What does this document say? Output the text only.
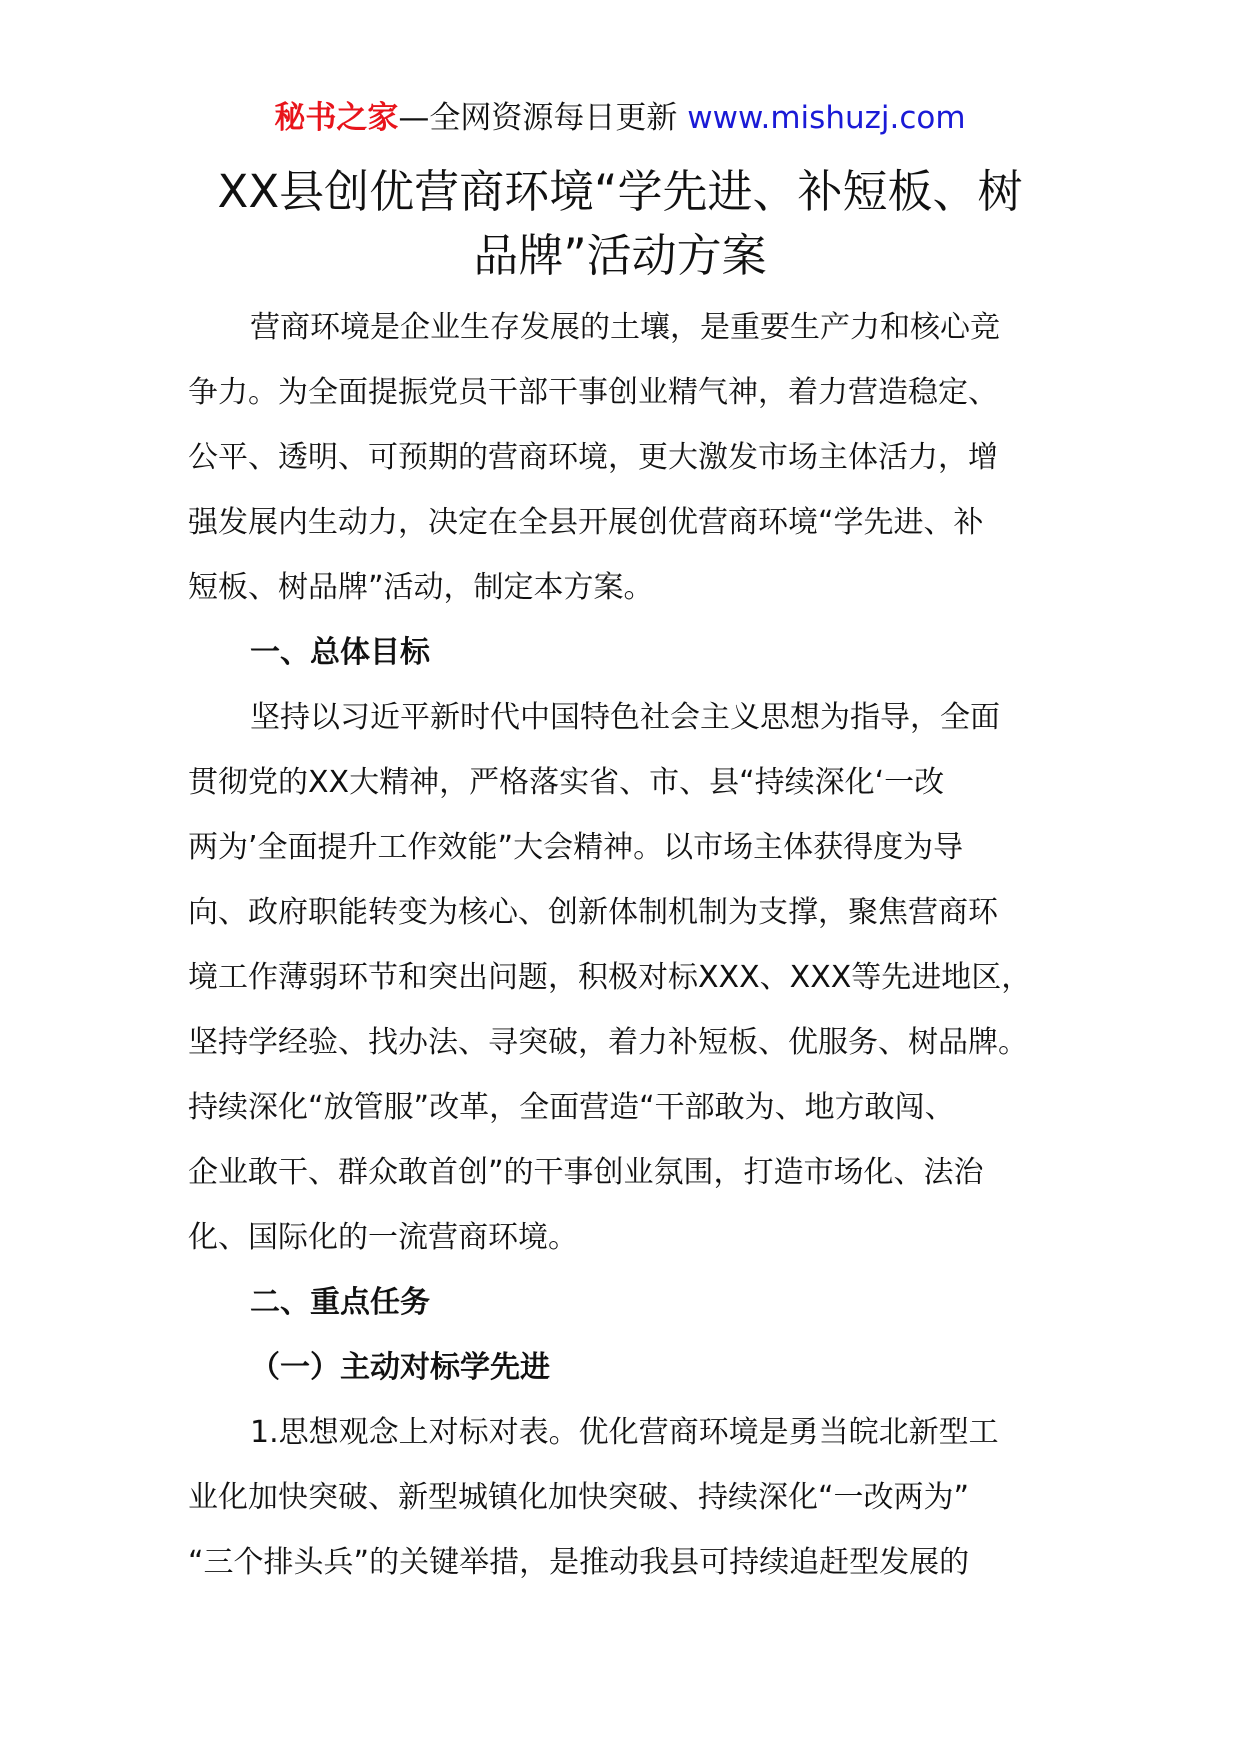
秘书之家—全网资源每日更新 www.mishuzj.com
XX县创优营商环境“学先进、补短板、树
品牌”活动方案
营商环境是企业生存发展的土壤，是重要生产力和核心竞
争力。为全面提振党员干部干事创业精气神，着力营造稳定、
公平、透明、可预期的营商环境，更大激发市场主体活力，增
强发展内生动力，决定在全县开展创优营商环境“学先进、补
短板、树品牌”活动，制定本方案。
一、总体目标
坚持以习近平新时代中国特色社会主义思想为指导，全面
贯彻党的XX大精神，严格落实省、市、县“持续深化‘一改
两为’全面提升工作效能”大会精神。以市场主体获得度为导
向、政府职能转变为核心、创新体制机制为支撑，聚焦营商环
境工作薄弱环节和突出问题，积极对标XXX、XXX等先进地区，
坚持学经验、找办法、寻突破，着力补短板、优服务、树品牌。
持续深化“放管服”改革，全面营造“干部敢为、地方敢闯、
企业敢干、群众敢首创”的干事创业氛围，打造市场化、法治
化、国际化的一流营商环境。
二、重点任务
（一）主动对标学先进
1.思想观念上对标对表。优化营商环境是勇当皖北新型工
业化加快突破、新型城镇化加快突破、持续深化“一改两为”
“三个排头兵”的关键举措，是推动我县可持续追赶型发展的
